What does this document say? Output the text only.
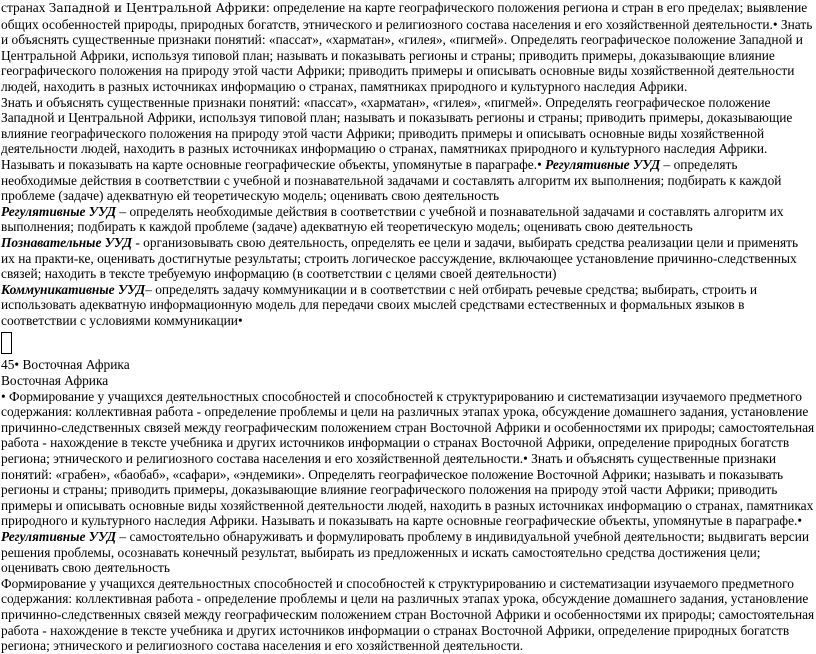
странах Западной и Центральной Африки: определение на карте географического положения региона и стран в его пределах; выявление общих особенностей природы, природных богатств, этнического и религиозного состава населения и его хозяйственной деятельности.• Знать и объяснять существенные признаки понятий: «пассат», «харматан», «гилея», «пигмей». Определять географическое положение Западной и Центральной Африки, используя типовой план; называть и показывать регионы и страны; приводить примеры, доказывающие влияние географического положения на природу этой части Африки; приводить примеры и описывать основные виды хозяйственной деятельности людей, находить в разных источниках информацию о странах, памятниках природного и культурного наследия Африки.

Знать и объяснять существенные признаки понятий: «пассат», «харматан», «гилея», «пигмей». Определять географическое положение Западной и Центральной Африки, используя типовой план; называть и показывать регионы и страны; приводить примеры, доказывающие влияние географического положения на природу этой части Африки; приводить примеры и описывать основные виды хозяйственной деятельности людей, находить в разных источниках информацию о странах, памятниках природного и культурного наследия Африки.

Называть и показывать на карте основные географические объекты, упомянутые в параграфе.• Регулятивные УУД – определять необходимые действия в соответствии с учебной и познавательной задачами и составлять алгоритм их выполнения; подбирать к каждой проблеме (задаче) адекватную ей теоретическую модель; оценивать свою деятельность

Регулятивные УУД – определять необходимые действия в соответствии с учебной и познавательной задачами и составлять алгоритм их выполнения; подбирать к каждой проблеме (задаче) адекватную ей теоретическую модель; оценивать свою деятельность

Познавательные УУД - организовывать свою деятельность, определять ее цели и задачи, выбирать средства реализации цели и применять их на практи-ке, оценивать достигнутые результаты; строить логическое рассуждение, включающее установление причинно-следственных связей; находить в тексте требуемую информацию (в соответствии с целями своей деятельности)

Коммуникативные УУД– определять задачу коммуникации и в соответствии с ней отбирать речевые средства; выбирать, строить и использовать адекватную информационную модель для передачи своих мыслей средствами естественных и формальных языков в соответствии с условиями коммуникации•

45• Восточная Африка

Восточная Африка

• Формирование у учащихся деятельностных способностей и способностей к структурированию и систематизации изучаемого предметного содержания: коллективная работа - определение проблемы и цели на различных этапах урока, обсуждение домашнего задания, установление причинно-следственных связей между географическим положением стран Восточной Африки и особенностями их природы; самостоятельная работа - нахождение в тексте учебника и других источников информации о странах Восточной Африки, определение природных богатств региона; этнического и религиозного состава населения и его хозяйственной деятельности.• Знать и объяснять существенные признаки понятий: «грабен», «баобаб», «сафари», «эндемики». Определять географическое положение Восточной Африки; называть и показывать регионы и страны; приводить примеры, доказывающие влияние географического положения на природу этой части Африки; приводить примеры и описывать основные виды хозяйственной деятельности людей, находить в разных источниках информацию о странах, памятниках природного и культурного наследия Африки. Называть и показывать на карте основные географические объекты, упомянутые в параграфе.• Регулятивные УУД – самостоятельно обнаруживать и формулировать проблему в индивидуальной учебной деятельности; выдвигать версии решения проблемы, осознавать конечный результат, выбирать из предложенных и искать самостоятельно средства достижения цели; оценивать свою деятельность

Формирование у учащихся деятельностных способностей и способностей к структурированию и систематизации изучаемого предметного содержания: коллективная работа - определение проблемы и цели на различных этапах урока, обсуждение домашнего задания, установление причинно-следственных связей между географическим положением стран Восточной Африки и особенностями их природы; самостоятельная работа - нахождение в тексте учебника и других источников информации о странах Восточной Африки, определение природных богатств региона; этнического и религиозного состава населения и его хозяйственной деятельности.
